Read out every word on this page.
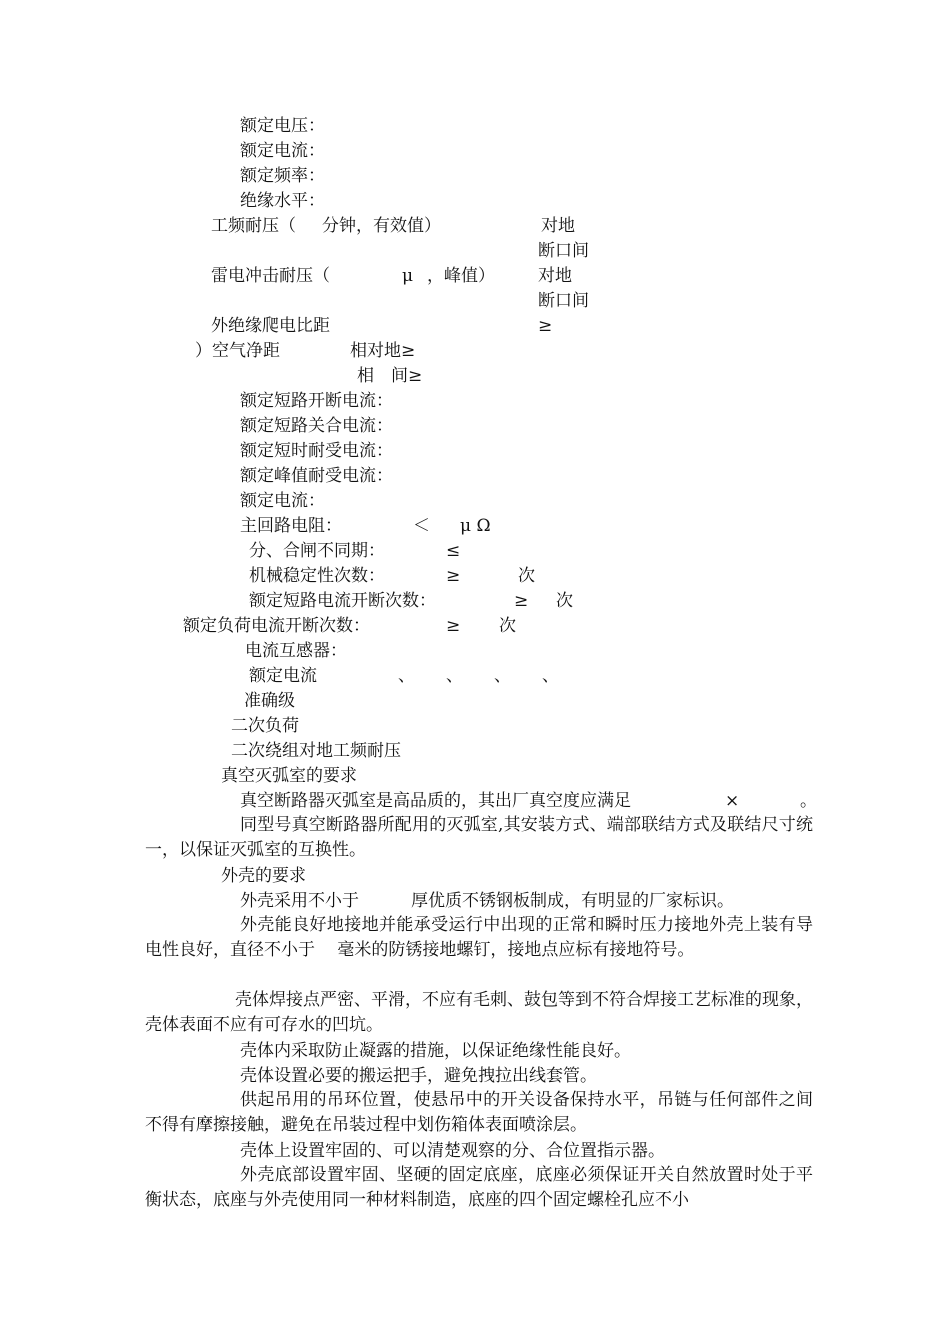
额定电压：
额定电流：
额定频率：
绝缘水平：
工频耐压（ 分钟，有效值）	对地
断口间
雷电冲击耐压（	μ ，峰值）	对地
断口间
外绝缘爬电比距	≥
）空气净距	相对地≥
相　间≥
额定短路开断电流：
额定短路关合电流：
额定短时耐受电流：
额定峰值耐受电流：
额定电流：
主回路电阻：	＜ μ Ω
分、合闸不同期：	≤
机械稳定性次数：	≥	次
额定短路电流开断次数：	≥ 次
额定负荷电流开断次数：	≥ 次
电流互感器：
额定电流	、 、 、 、
准确级
二次负荷
二次绕组对地工频耐压
真空灭弧室的要求
真空断路器灭弧室是高品质的，其出厂真空度应满足	×	。
同型号真空断路器所配用的灭弧室,其安装方式、端部联结方式及联结尺寸统一，以保证灭弧室的互换性。
外壳的要求
外壳采用不小于	厚优质不锈钢板制成，有明显的厂家标识。
外壳能良好地接地并能承受运行中出现的正常和瞬时压力接地外壳上装有导电性良好，直径不小于　 毫米的防锈接地螺钉，接地点应标有接地符号。
壳体焊接点严密、平滑，不应有毛刺、鼓包等到不符合焊接工艺标准的现象，壳体表面不应有可存水的凹坑。
壳体内采取防止凝露的措施，以保证绝缘性能良好。
壳体设置必要的搬运把手，避免拽拉出线套管。
供起吊用的吊环位置，使悬吊中的开关设备保持水平，吊链与任何部件之间不得有摩擦接触，避免在吊装过程中划伤箱体表面喷涂层。
壳体上设置牢固的、可以清楚观察的分、合位置指示器。
外壳底部设置牢固、坚硬的固定底座，底座必须保证开关自然放置时处于平衡状态，底座与外壳使用同一种材料制造，底座的四个固定螺栓孔应不小
